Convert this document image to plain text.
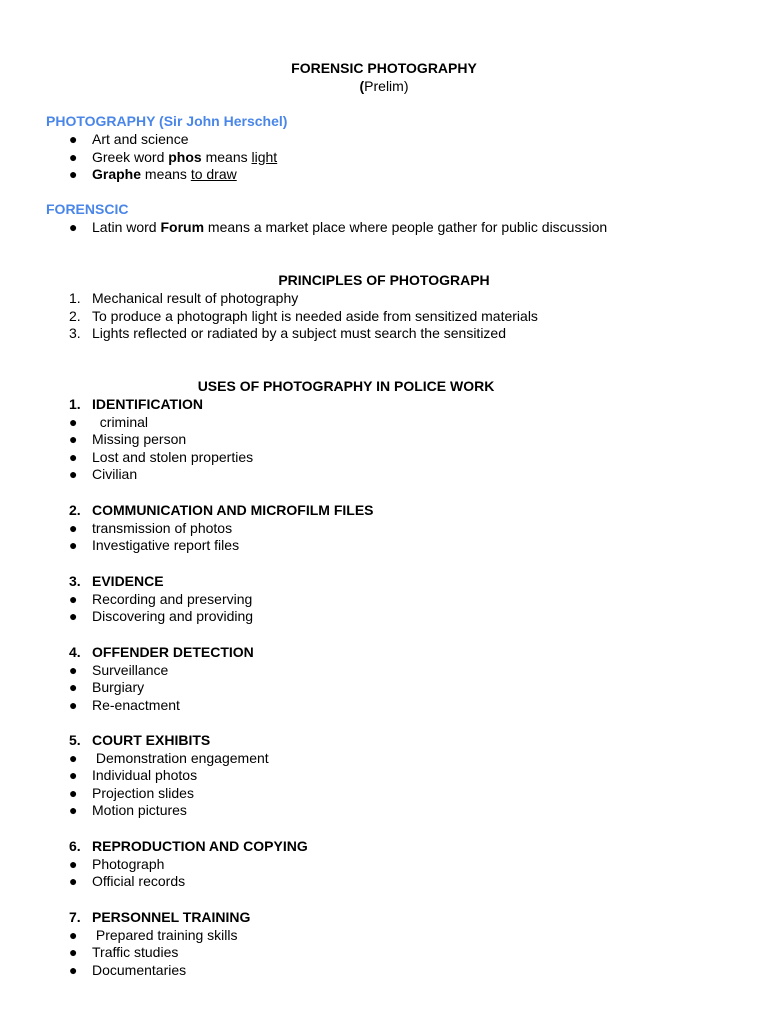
FORENSIC PHOTOGRAPHY
(Prelim)
PHOTOGRAPHY (Sir John Herschel)
● Art and science
● Greek word phos means light
● Graphe means to draw
FORENSCIC
● Latin word Forum means a market place where people gather for public discussion
PRINCIPLES OF PHOTOGRAPH
1. Mechanical result of photography
2. To produce a photograph light is needed aside from sensitized materials
3. Lights reflected or radiated by a subject must search the sensitized
USES OF PHOTOGRAPHY IN POLICE WORK
1. IDENTIFICATION
● criminal
● Missing person
● Lost and stolen properties
● Civilian
2. COMMUNICATION AND MICROFILM FILES
● transmission of photos
● Investigative report files
3. EVIDENCE
● Recording and preserving
● Discovering and providing
4. OFFENDER DETECTION
● Surveillance
● Burgiary
● Re-enactment
5. COURT EXHIBITS
● Demonstration engagement
● Individual photos
● Projection slides
● Motion pictures
6. REPRODUCTION AND COPYING
● Photograph
● Official records
7. PERSONNEL TRAINING
● Prepared training skills
● Traffic studies
● Documentaries
